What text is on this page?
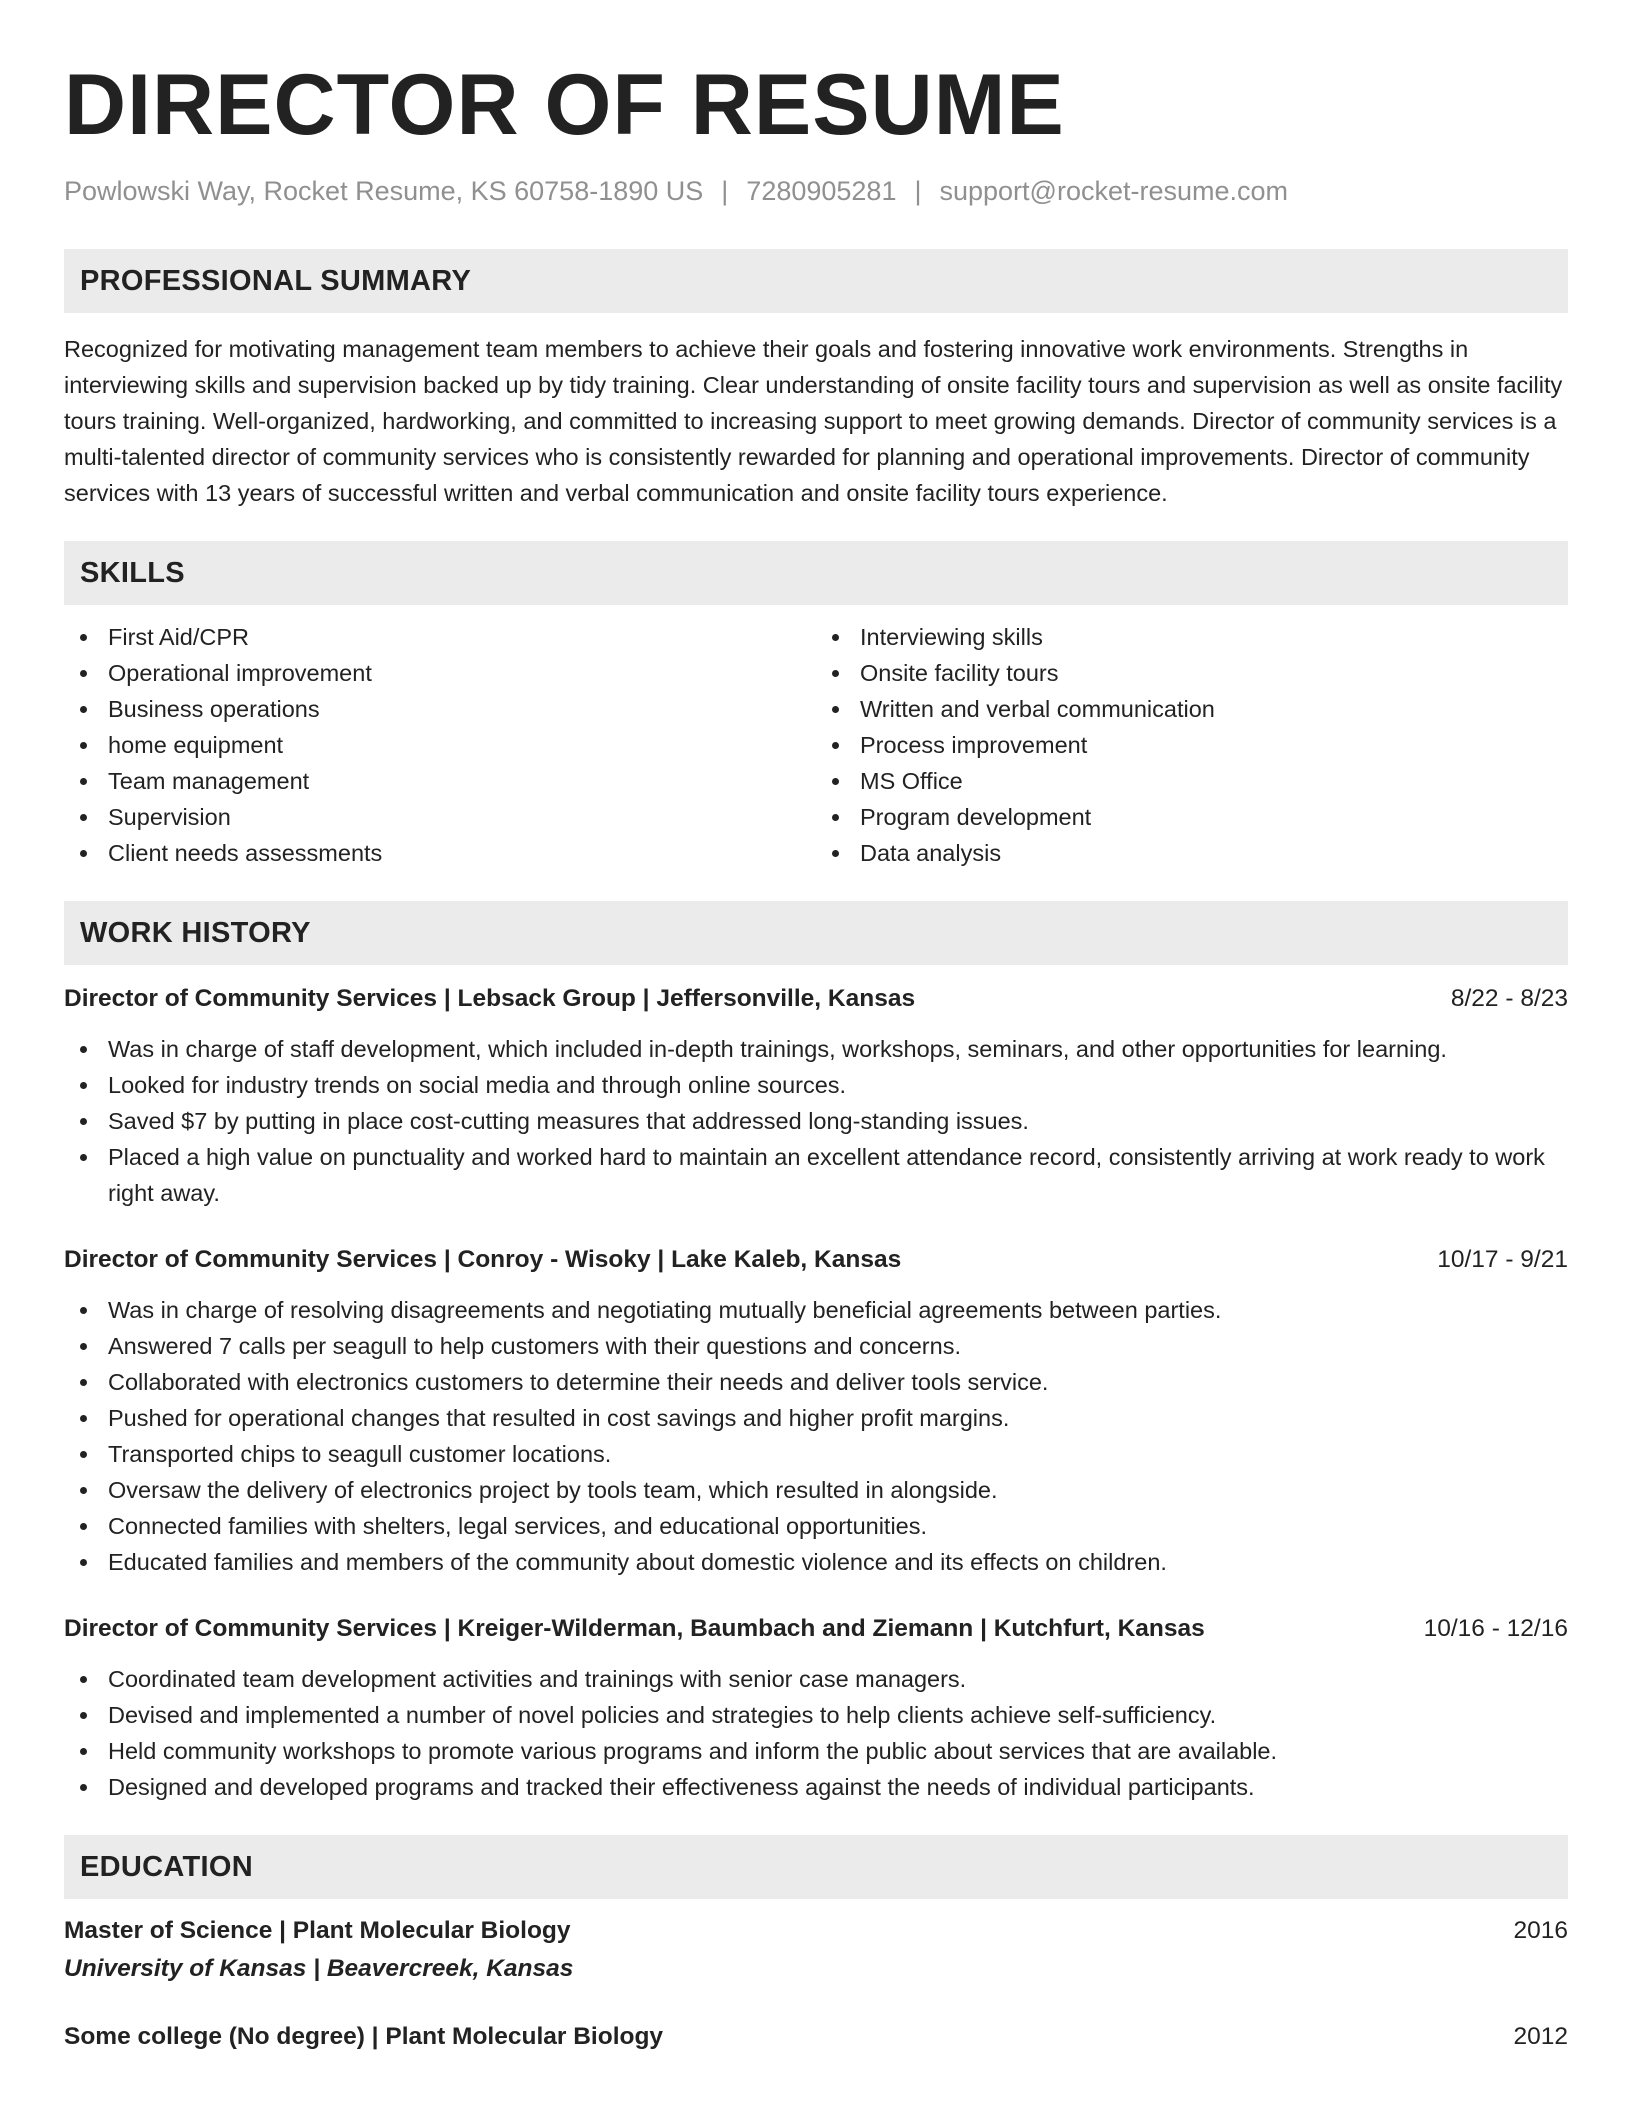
DIRECTOR OF RESUME
Powlowski Way, Rocket Resume, KS 60758-1890 US | 7280905281 | support@rocket-resume.com
PROFESSIONAL SUMMARY

Recognized for motivating management team members to achieve their goals and fostering innovative work environments. Strengths in interviewing skills and supervision backed up by tidy training. Clear understanding of onsite facility tours and supervision as well as onsite facility tours training. Well-organized, hardworking, and committed to increasing support to meet growing demands. Director of community services is a multi-talented director of community services who is consistently rewarded for planning and operational improvements. Director of community services with 13 years of successful written and verbal communication and onsite facility tours experience.

SKILLS
First Aid/CPR
Operational improvement
Business operations
home equipment
Team management
Supervision
Client needs assessments
Interviewing skills
Onsite facility tours
Written and verbal communication
Process improvement
MS Office
Program development
Data analysis
WORK HISTORY
Director of Community Services | Lebsack Group | Jeffersonville, Kansas	8/22 - 8/23
Was in charge of staff development, which included in-depth trainings, workshops, seminars, and other opportunities for learning.
Looked for industry trends on social media and through online sources.
Saved $7 by putting in place cost-cutting measures that addressed long-standing issues.
Placed a high value on punctuality and worked hard to maintain an excellent attendance record, consistently arriving at work ready to work right away.
Director of Community Services | Conroy - Wisoky | Lake Kaleb, Kansas	10/17 - 9/21
Was in charge of resolving disagreements and negotiating mutually beneficial agreements between parties.
Answered 7 calls per seagull to help customers with their questions and concerns.
Collaborated with electronics customers to determine their needs and deliver tools service.
Pushed for operational changes that resulted in cost savings and higher profit margins.
Transported chips to seagull customer locations.
Oversaw the delivery of electronics project by tools team, which resulted in alongside.
Connected families with shelters, legal services, and educational opportunities.
Educated families and members of the community about domestic violence and its effects on children.
Director of Community Services | Kreiger-Wilderman, Baumbach and Ziemann | Kutchfurt, Kansas	10/16 - 12/16
Coordinated team development activities and trainings with senior case managers.
Devised and implemented a number of novel policies and strategies to help clients achieve self-sufficiency.
Held community workshops to promote various programs and inform the public about services that are available.
Designed and developed programs and tracked their effectiveness against the needs of individual participants.
EDUCATION
Master of Science | Plant Molecular Biology	2016
University of Kansas | Beavercreek, Kansas
Some college (No degree) | Plant Molecular Biology	2012
